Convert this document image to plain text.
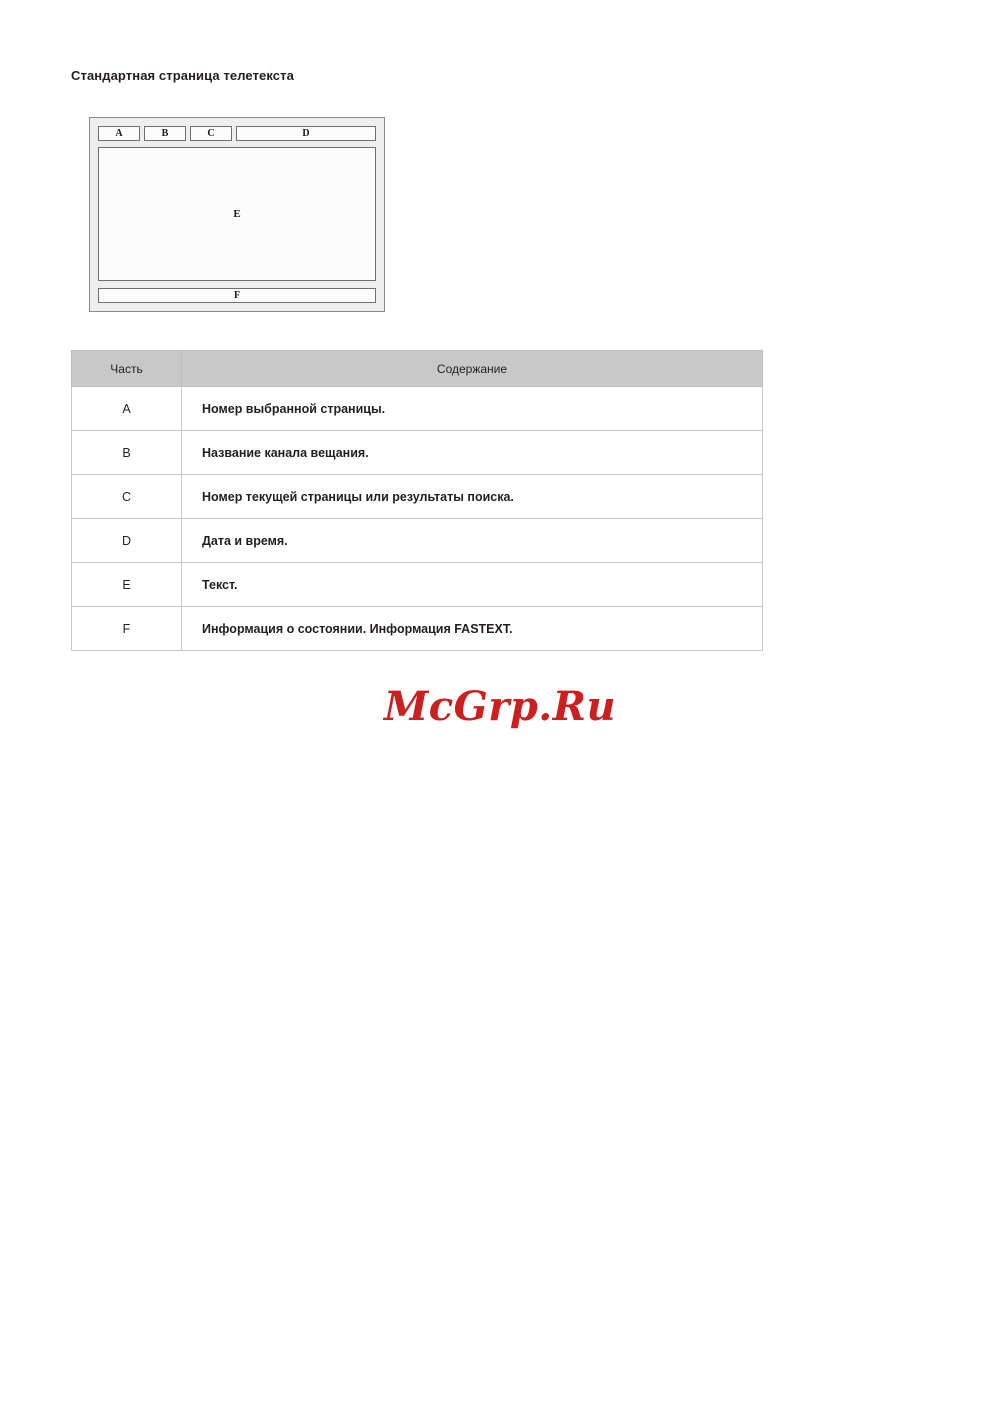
Стандартная страница телетекста
A	B	C	D
E
F
Часть	Содержание
A	Номер выбранной страницы.
B	Название канала вещания.
C	Номер текущей страницы или результаты поиска.
D	Дата и время.
E	Текст.
F	Информация о состоянии. Информация FASTEXT.
McGrp.Ru
